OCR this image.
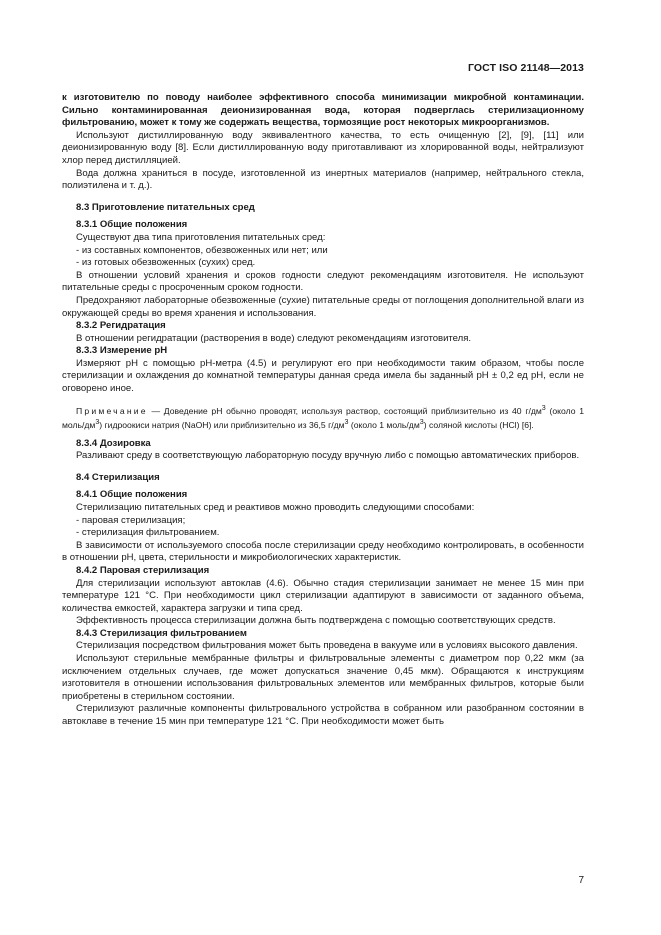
ГОСТ ISO 21148—2013

к изготовителю по поводу наиболее эффективного способа минимизации микробной контаминации. Сильно контаминированная деионизированная вода, которая подверглась стерилизационному фильтрованию, может к тому же содержать вещества, тормозящие рост некоторых микроорганизмов.

Используют дистиллированную воду эквивалентного качества, то есть очищенную [2], [9], [11] или деионизированную воду [8]. Если дистиллированную воду приготавливают из хлорированной воды, нейтрализуют хлор перед дистилляцией.

Вода должна храниться в посуде, изготовленной из инертных материалов (например, нейтрального стекла, полиэтилена и т. д.).

8.3 Приготовление питательных сред

8.3.1 Общие положения

Существуют два типа приготовления питательных сред:

- из составных компонентов, обезвоженных или нет; или

- из готовых обезвоженных (сухих) сред.

В отношении условий хранения и сроков годности следуют рекомендациям изготовителя. Не используют питательные среды с просроченным сроком годности.

Предохраняют лабораторные обезвоженные (сухие) питательные среды от поглощения дополнительной влаги из окружающей среды во время хранения и использования.

8.3.2 Регидратация

В отношении регидратации (растворения в воде) следуют рекомендациям изготовителя.

8.3.3 Измерение pH

Измеряют pH с помощью pH-метра (4.5) и регулируют его при необходимости таким образом, чтобы после стерилизации и охлаждения до комнатной температуры данная среда имела бы заданный pH ± 0,2 ед pH, если не оговорено иное.

Примечание — Доведение pH обычно проводят, используя раствор, состоящий приблизительно из 40 $г/дм^3$ (около 1 моль/$дм^3$) гидроокиси натрия (NaOH) или приблизительно из 36,5 $г/дм^3$ (около 1 моль/$дм^3$) соляной кислоты (HCl) [6].

8.3.4 Дозировка

Разливают среду в соответствующую лабораторную посуду вручную либо с помощью автоматических приборов.

8.4 Стерилизация

8.4.1 Общие положения

Стерилизацию питательных сред и реактивов можно проводить следующими способами:

- паровая стерилизация;

- стерилизация фильтрованием.

В зависимости от используемого способа после стерилизации среду необходимо контролировать, в особенности в отношении pH, цвета, стерильности и микробиологических характеристик.

8.4.2 Паровая стерилизация

Для стерилизации используют автоклав (4.6). Обычно стадия стерилизации занимает не менее 15 мин при температуре 121 °C. При необходимости цикл стерилизации адаптируют в зависимости от заданного объема, количества емкостей, характера загрузки и типа сред.

Эффективность процесса стерилизации должна быть подтверждена с помощью соответствующих средств.

8.4.3 Стерилизация фильтрованием

Стерилизация посредством фильтрования может быть проведена в вакууме или в условиях высокого давления.

Используют стерильные мембранные фильтры и фильтровальные элементы с диаметром пор 0,22 мкм (за исключением отдельных случаев, где может допускаться значение 0,45 мкм). Обращаются к инструкциям изготовителя в отношении использования фильтровальных элементов или мембранных фильтров, которые были приобретены в стерильном состоянии.

Стерилизуют различные компоненты фильтровального устройства в собранном или разобранном состоянии в автоклаве в течение 15 мин при температуре 121 °C. При необходимости может быть

7
